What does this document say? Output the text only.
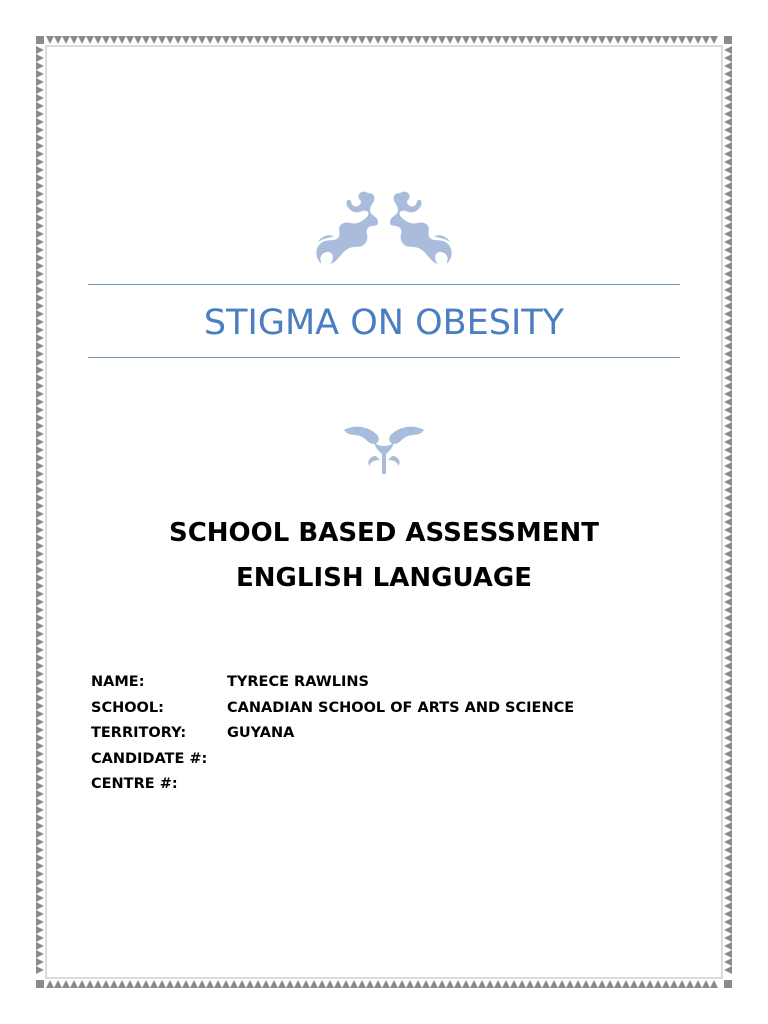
STIGMA ON OBESITY
SCHOOL BASED ASSESSMENT
ENGLISH LANGUAGE
NAME:	TYRECE RAWLINS
SCHOOL:	CANADIAN SCHOOL OF ARTS AND SCIENCE
TERRITORY:	GUYANA
CANDIDATE #:
CENTRE #:
